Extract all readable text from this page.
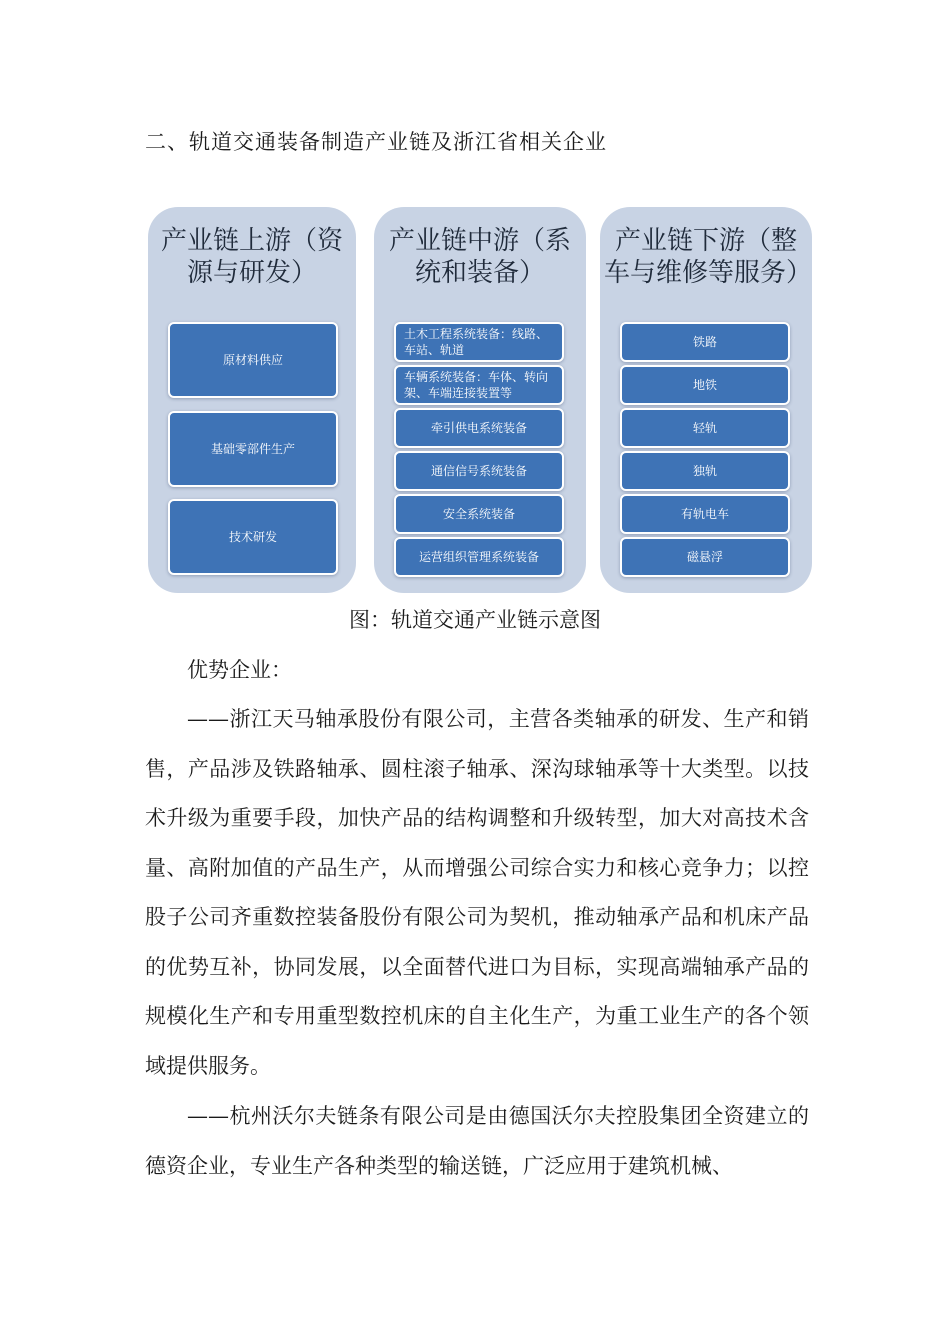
二、轨道交通装备制造产业链及浙江省相关企业
产业链上游（资源与研发）
原材料供应
基础零部件生产
技术研发
产业链中游（系统和装备）
土木工程系统装备：线路、车站、轨道
车辆系统装备：车体、转向架、车端连接装置等
牵引供电系统装备
通信信号系统装备
安全系统装备
运营组织管理系统装备
产业链下游（整车与维修等服务）
铁路
地铁
轻轨
独轨
有轨电车
磁悬浮
图：轨道交通产业链示意图
优势企业：
——浙江天马轴承股份有限公司，主营各类轴承的研发、生产和销售，产品涉及铁路轴承、圆柱滚子轴承、深沟球轴承等十大类型。以技术升级为重要手段，加快产品的结构调整和升级转型，加大对高技术含量、高附加值的产品生产，从而增强公司综合实力和核心竞争力；以控股子公司齐重数控装备股份有限公司为契机，推动轴承产品和机床产品的优势互补，协同发展，以全面替代进口为目标，实现高端轴承产品的规模化生产和专用重型数控机床的自主化生产，为重工业生产的各个领域提供服务。
——杭州沃尔夫链条有限公司是由德国沃尔夫控股集团全资建立的德资企业，专业生产各种类型的输送链，广泛应用于建筑机械、
